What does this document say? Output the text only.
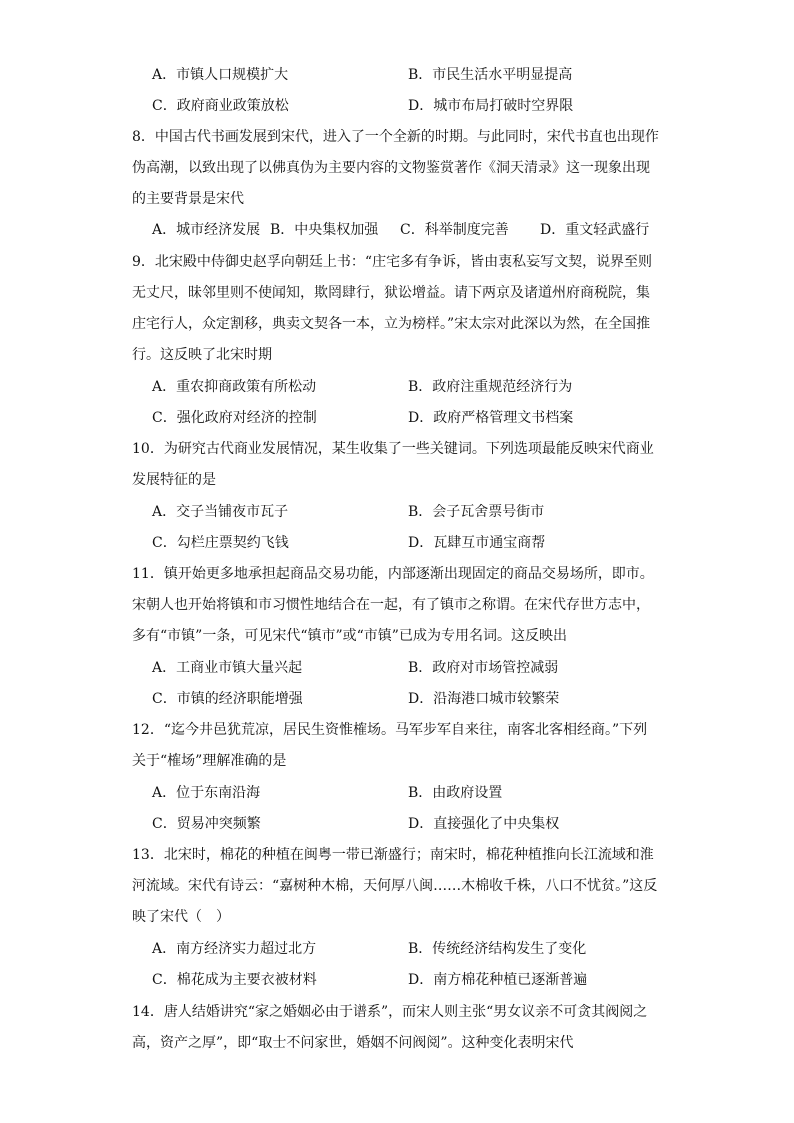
A．市镇人口规模扩大	B．市民生活水平明显提高
C．政府商业政策放松	D．城市布局打破时空界限

8．中国古代书画发展到宋代，进入了一个全新的时期。与此同时，宋代书直也出现作伪高潮，以致出现了以佛真伪为主要内容的文物鉴赏著作《洞天清录》这一现象出现的主要背景是宋代

A．城市经济发展 B．中央集权加强 C．科举制度完善 D．重文轻武盛行

9．北宋殿中侍御史赵孚向朝廷上书：“庄宅多有争诉，皆由衷私妄写文契，说界至则无丈尺，昧邻里则不使闻知，欺罔肆行，狱讼增益。请下两京及诸道州府商税院，集庄宅行人，众定割移，典卖文契各一本，立为榜样。”宋太宗对此深以为然，在全国推行。这反映了北宋时期

A．重农抑商政策有所松动	B．政府注重规范经济行为
C．强化政府对经济的控制	D．政府严格管理文书档案

10．为研究古代商业发展情况，某生收集了一些关键词。下列选项最能反映宋代商业发展特征的是

A．交子当铺夜市瓦子	B．会子瓦舍票号街市
C．勾栏庄票契约飞钱	D．瓦肆互市通宝商帮

11．镇开始更多地承担起商品交易功能，内部逐渐出现固定的商品交易场所，即市。宋朝人也开始将镇和市习惯性地结合在一起，有了镇市之称谓。在宋代存世方志中，多有“市镇”一条，可见宋代“镇市”或“市镇”已成为专用名词。这反映出

A．工商业市镇大量兴起	B．政府对市场管控减弱
C．市镇的经济职能增强	D．沿海港口城市较繁荣

12．“迄今井邑犹荒凉，居民生资惟榷场。马军步军自来往，南客北客相经商。”下列关于“榷场”理解准确的是

A．位于东南沿海	B．由政府设置
C．贸易冲突频繁	D．直接强化了中央集权

13．北宋时，棉花的种植在闽粤一带已渐盛行；南宋时，棉花种植推向长江流域和淮河流域。宋代有诗云：“嘉树种木棉，天何厚八闽……木棉收千株，八口不忧贫。”这反映了宋代（　）

A．南方经济实力超过北方	B．传统经济结构发生了变化
C．棉花成为主要衣被材料	D．南方棉花种植已逐渐普遍

14．唐人结婚讲究“家之婚姻必由于谱系”，而宋人则主张“男女议亲不可贪其阀阅之高，资产之厚”，即“取士不问家世，婚姻不问阀阅”。这种变化表明宋代
